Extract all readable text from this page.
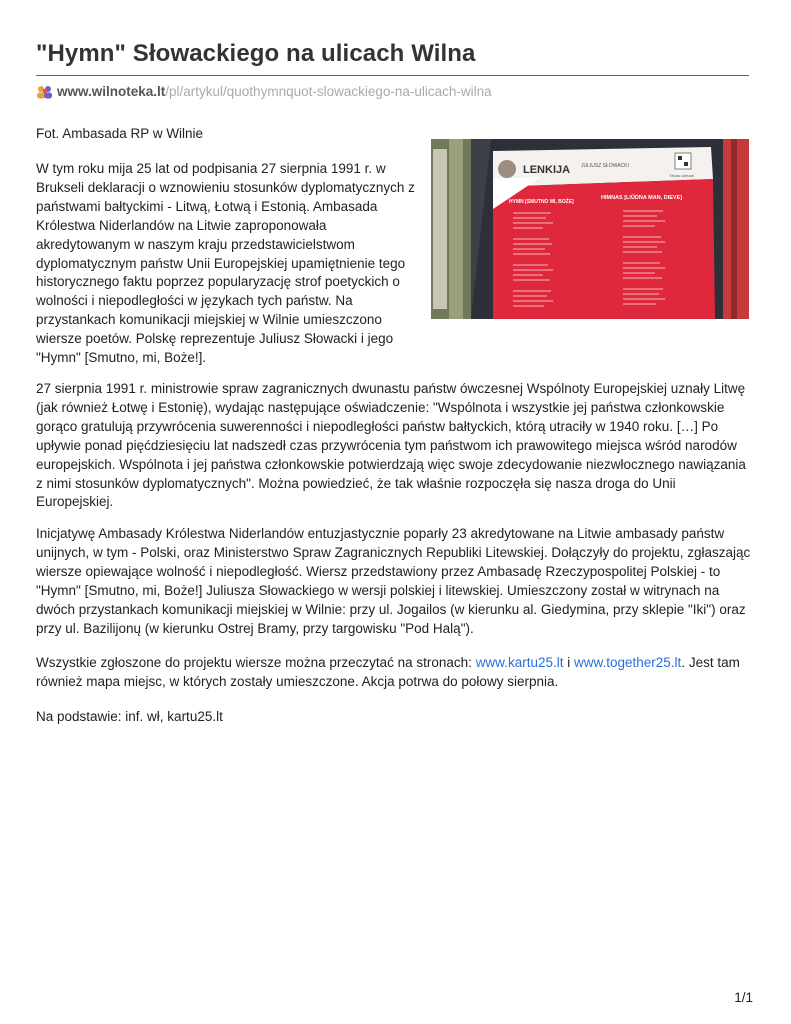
"Hymn" Słowackiego na ulicach Wilna
www.wilnoteka.lt /pl/artykul/quothymnquot-slowackiego-na-ulicach-wilna

Fot. Ambasada RP w Wilnie

W tym roku mija 25 lat od podpisania 27 sierpnia 1991 r. w Brukseli deklaracji o wznowieniu stosunków dyplomatycznych z państwami bałtyckimi - Litwą, Łotwą i Estonią. Ambasada Królestwa Niderlandów na Litwie zaproponowała akredytowanym w naszym kraju przedstawicielstwom dyplomatycznym państw Unii Europejskiej upamiętnienie tego historycznego faktu poprzez popularyzację strof poetyckich o wolności i niepodległości w językach tych państw. Na przystankach komunikacji miejskiej w Wilnie umieszczono wiersze poetów. Polskę reprezentuje Juliusz Słowacki i jego "Hymn" [Smutno, mi, Boże!].

LENKIJA JULIUSZ SŁOWACKI
Tėvas Lietuva
HYMN [SMUTNO MI, BOŻE]
HIMNAS [LIŪDNA MAN, DIEVE]

27 sierpnia 1991 r. ministrowie spraw zagranicznych dwunastu państw ówczesnej Wspólnoty Europejskiej uznały Litwę (jak również Łotwę i Estonię), wydając następujące oświadczenie: "Wspólnota i wszystkie jej państwa członkowskie gorąco gratulują przywrócenia suwerenności i niepodległości państw bałtyckich, którą utraciły w 1940 roku. […] Po upływie ponad pięćdziesięciu lat nadszedł czas przywrócenia tym państwom ich prawowitego miejsca wśród narodów europejskich. Wspólnota i jej państwa członkowskie potwierdzają więc swoje zdecydowanie niezwłocznego nawiązania z nimi stosunków dyplomatycznych". Można powiedzieć, że tak właśnie rozpoczęła się nasza droga do Unii Europejskiej.

Inicjatywę Ambasady Królestwa Niderlandów entuzjastycznie poparły 23 akredytowane na Litwie ambasady państw unijnych, w tym - Polski, oraz Ministerstwo Spraw Zagranicznych Republiki Litewskiej. Dołączyły do projektu, zgłaszając wiersze opiewające wolność i niepodległość. Wiersz przedstawiony przez Ambasadę Rzeczypospolitej Polskiej - to "Hymn" [Smutno, mi, Boże!] Juliusza Słowackiego w wersji polskiej i litewskiej. Umieszczony został w witrynach na dwóch przystankach komunikacji miejskiej w Wilnie: przy ul. Jogailos (w kierunku al. Giedymina, przy sklepie "Iki") oraz przy ul. Bazilijonų (w kierunku Ostrej Bramy, przy targowisku "Pod Halą").

Wszystkie zgłoszone do projektu wiersze można przeczytać na stronach: www.kartu25.lt i www.together25.lt. Jest tam również mapa miejsc, w których zostały umieszczone. Akcja potrwa do połowy sierpnia.

Na podstawie: inf. wł, kartu25.lt

1/1
